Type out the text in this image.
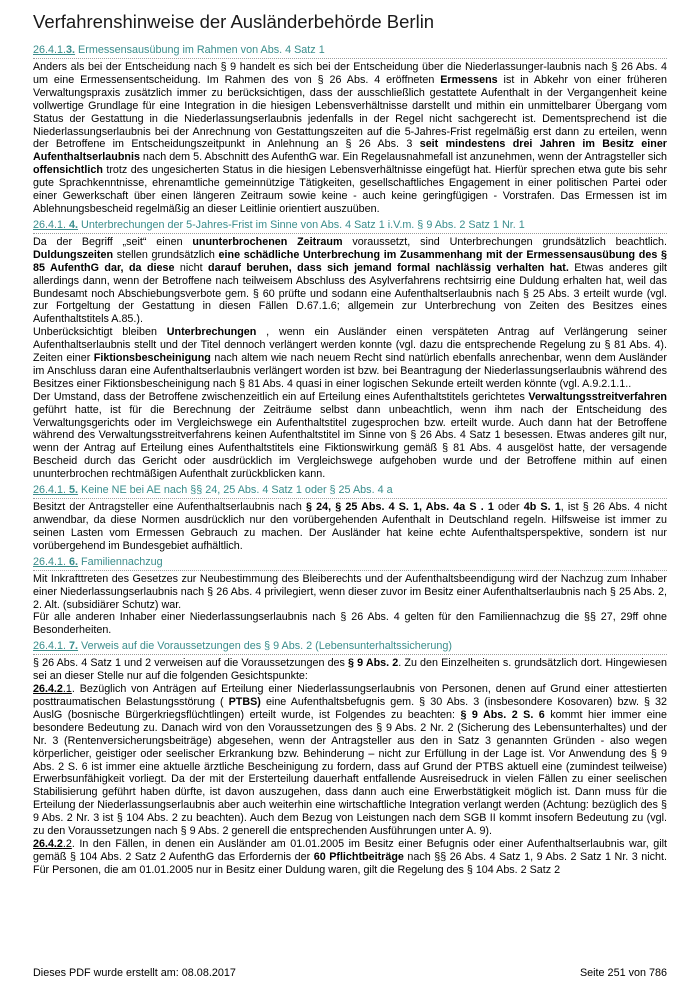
Verfahrenshinweise der Ausländerbehörde Berlin
26.4.1.3. Ermessensausübung im Rahmen von Abs. 4 Satz 1

Anders als bei der Entscheidung nach § 9 handelt es sich bei der Entscheidung über die Niederlassunger-laubnis nach § 26 Abs. 4 um eine Ermessensentscheidung. Im Rahmen des von § 26 Abs. 4 eröffneten Ermessens ist in Abkehr von einer früheren Verwaltungspraxis zusätzlich immer zu berücksichtigen, dass der ausschließlich gestattete Aufenthalt in der Vergangenheit keine vollwertige Grundlage für eine Integration in die hiesigen Lebensverhältnisse darstellt und mithin ein unmittelbarer Übergang vom Status der Gestattung in die Niederlassungserlaubnis jedenfalls in der Regel nicht sachgerecht ist. Dementsprechend ist die Niederlassungserlaubnis bei der Anrechnung von Gestattungszeiten auf die 5-Jahres-Frist regelmäßig erst dann zu erteilen, wenn der Betroffene im Entscheidungszeitpunkt in Anlehnung an § 26 Abs. 3 seit mindestens drei Jahren im Besitz einer Aufenthaltserlaubnis nach dem 5. Abschnitt des AufenthG war. Ein Regelausnahmefall ist anzunehmen, wenn der Antragsteller sich offensichtlich trotz des ungesicherten Status in die hiesigen Lebensverhältnisse eingefügt hat. Hierfür sprechen etwa gute bis sehr gute Sprachkenntnisse, ehrenamtliche gemeinnützige Tätigkeiten, gesellschaftliches Engagement in einer politischen Partei oder einer Gewerkschaft über einen längeren Zeitraum sowie keine - auch keine geringfügigen - Vorstrafen. Das Ermessen ist im Ablehnungsbescheid regelmäßig an dieser Leitlinie orientiert auszuüben.

26.4.1. 4. Unterbrechungen der 5-Jahres-Frist im Sinne von Abs. 4 Satz 1 i.V.m. § 9 Abs. 2 Satz 1 Nr. 1

Da der Begriff „seit“ einen ununterbrochenen Zeitraum voraussetzt, sind Unterbrechungen grundsätzlich beachtlich. Duldungszeiten stellen grundsätzlich eine schädliche Unterbrechung im Zusammenhang mit der Ermessensausübung des § 85 AufenthG dar, da diese nicht darauf beruhen, dass sich jemand formal nachlässig verhalten hat. Etwas anderes gilt allerdings dann, wenn der Betroffene nach teilweisem Abschluss des Asylverfahrens rechtsirrig eine Duldung erhalten hat, weil das Bundesamt noch Abschiebungsverbote gem. § 60 prüfte und sodann eine Aufenthaltserlaubnis nach § 25 Abs. 3 erteilt wurde (vgl. zur Fortgeltung der Gestattung in diesen Fällen D.67.1.6; allgemein zur Unterbrechung von Zeiten des Besitzes eines Aufenthaltstitels A.85.).

Unberücksichtigt bleiben Unterbrechungen , wenn ein Ausländer einen verspäteten Antrag auf Verlängerung seiner Aufenthaltserlaubnis stellt und der Titel dennoch verlängert werden konnte (vgl. dazu die entsprechende Regelung zu § 81 Abs. 4). Zeiten einer Fiktionsbescheinigung nach altem wie nach neuem Recht sind natürlich ebenfalls anrechenbar, wenn dem Ausländer im Anschluss daran eine Aufenthaltserlaubnis verlängert worden ist bzw. bei Beantragung der Niederlassungserlaubnis während des Besitzes einer Fiktionsbescheinigung nach § 81 Abs. 4 quasi in einer logischen Sekunde erteilt werden könnte (vgl. A.9.2.1.1..

Der Umstand, dass der Betroffene zwischenzeitlich ein auf Erteilung eines Aufenthaltstitels gerichtetes Verwaltungsstreitverfahren geführt hatte, ist für die Berechnung der Zeiträume selbst dann unbeachtlich, wenn ihm nach der Entscheidung des Verwaltungsgerichts oder im Vergleichswege ein Aufenthaltstitel zugesprochen bzw. erteilt wurde. Auch dann hat der Betroffene während des Verwaltungsstreitverfahrens keinen Aufenthaltstitel im Sinne von § 26 Abs. 4 Satz 1 besessen. Etwas anderes gilt nur, wenn der Antrag auf Erteilung eines Aufenthaltstitels eine Fiktionswirkung gemäß § 81 Abs. 4 ausgelöst hatte, der versagende Bescheid durch das Gericht oder ausdrücklich im Vergleichswege aufgehoben wurde und der Betroffene mithin auf einen ununterbrochen rechtmäßigen Aufenthalt zurückblicken kann.

26.4.1. 5. Keine NE bei AE nach §§ 24, 25 Abs. 4 Satz 1 oder § 25 Abs. 4 a

Besitzt der Antragsteller eine Aufenthaltserlaubnis nach § 24, § 25 Abs. 4 S. 1, Abs. 4a S . 1 oder 4b S. 1, ist § 26 Abs. 4 nicht anwendbar, da diese Normen ausdrücklich nur den vorübergehenden Aufenthalt in Deutschland regeln. Hilfsweise ist immer zu seinen Lasten vom Ermessen Gebrauch zu machen. Der Ausländer hat keine echte Aufenthaltsperspektive, sondern ist nur vorübergehend im Bundesgebiet aufhältlich.

26.4.1. 6. Familiennachzug

Mit Inkrafttreten des Gesetzes zur Neubestimmung des Bleiberechts und der Aufenthaltsbeendigung wird der Nachzug zum Inhaber einer Niederlassungserlaubnis nach § 26 Abs. 4 privilegiert, wenn dieser zuvor im Besitz einer Aufenthaltserlaubnis nach § 25 Abs. 2, 2. Alt. (subsidiärer Schutz) war.

Für alle anderen Inhaber einer Niederlassungserlaubnis nach § 26 Abs. 4 gelten für den Familiennachzug die §§ 27, 29ff ohne Besonderheiten.

26.4.1. 7. Verweis auf die Voraussetzungen des § 9 Abs. 2 (Lebensunterhaltssicherung)

§ 26 Abs. 4 Satz 1 und 2 verweisen auf die Voraussetzungen des § 9 Abs. 2. Zu den Einzelheiten s. grundsätzlich dort. Hingewiesen sei an dieser Stelle nur auf die folgenden Gesichtspunkte:

26.4.2.1. Bezüglich von Anträgen auf Erteilung einer Niederlassungserlaubnis von Personen, denen auf Grund einer attestierten posttraumatischen Belastungsstörung ( PTBS) eine Aufenthaltsbefugnis gem. § 30 Abs. 3 (insbesondere Kosovaren) bzw. § 32 AuslG (bosnische Bürgerkriegsflüchtlingen) erteilt wurde, ist Folgendes zu beachten: § 9 Abs. 2 S. 6 kommt hier immer eine besondere Bedeutung zu. Danach wird von den Voraussetzungen des § 9 Abs. 2 Nr. 2 (Sicherung des Lebensunterhaltes) und der Nr. 3 (Rentenversicherungsbeiträge) abgesehen, wenn der Antragsteller aus den in Satz 3 genannten Gründen - also wegen körperlicher, geistiger oder seelischer Erkrankung bzw. Behinderung – nicht zur Erfüllung in der Lage ist. Vor Anwendung des § 9 Abs. 2 S. 6 ist immer eine aktuelle ärztliche Bescheinigung zu fordern, dass auf Grund der PTBS aktuell eine (zumindest teilweise) Erwerbsunfähigkeit vorliegt. Da der mit der Ersterteilung dauerhaft entfallende Ausreisedruck in vielen Fällen zu einer seelischen Stabilisierung geführt haben dürfte, ist davon auszugehen, dass dann auch eine Erwerbstätigkeit möglich ist. Dann muss für die Erteilung der Niederlassungserlaubnis aber auch weiterhin eine wirtschaftliche Integration verlangt werden (Achtung: bezüglich des § 9 Abs. 2 Nr. 3 ist § 104 Abs. 2 zu beachten). Auch dem Bezug von Leistungen nach dem SGB II kommt insofern Bedeutung zu (vgl. zu den Voraussetzungen nach § 9 Abs. 2 generell die entsprechenden Ausführungen unter A. 9).

26.4.2.2. In den Fällen, in denen ein Ausländer am 01.01.2005 im Besitz einer Befugnis oder einer Aufenthaltserlaubnis war, gilt gemäß § 104 Abs. 2 Satz 2 AufenthG das Erfordernis der 60 Pflichtbeiträge nach §§ 26 Abs. 4 Satz 1, 9 Abs. 2 Satz 1 Nr. 3 nicht. Für Personen, die am 01.01.2005 nur in Besitz einer Duldung waren, gilt die Regelung des § 104 Abs. 2 Satz 2

Dieses PDF wurde erstellt am: 08.08.2017	Seite 251 von 786
